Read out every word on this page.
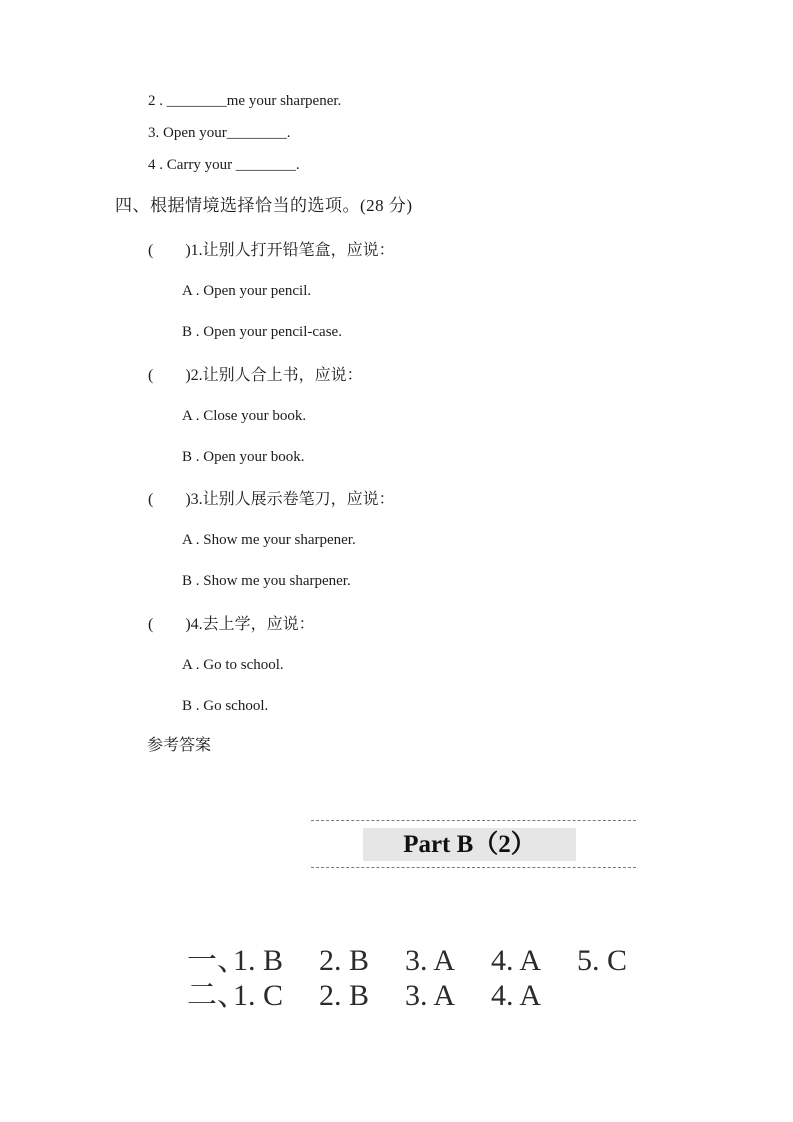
2 . ________me your sharpener.
3. Open your________.
4 . Carry your ________.
四、根据情境选择恰当的选项。(28 分)
(        )1.让别人打开铅笔盒，应说：
A . Open your pencil.
B . Open your pencil-case.
(        )2.让别人合上书，应说：
A . Close your book.
B . Open your book.
(        )3.让别人展示卷笔刀，应说：
A . Show me your sharpener.
B . Show me you sharpener.
(        )4.去上学，应说：
A . Go to school.
B . Go school.
参考答案
Part B（2）

一、1. B 2. B 3. A 4. A 5. C

二、1. C 2. B 3. A 4. A
